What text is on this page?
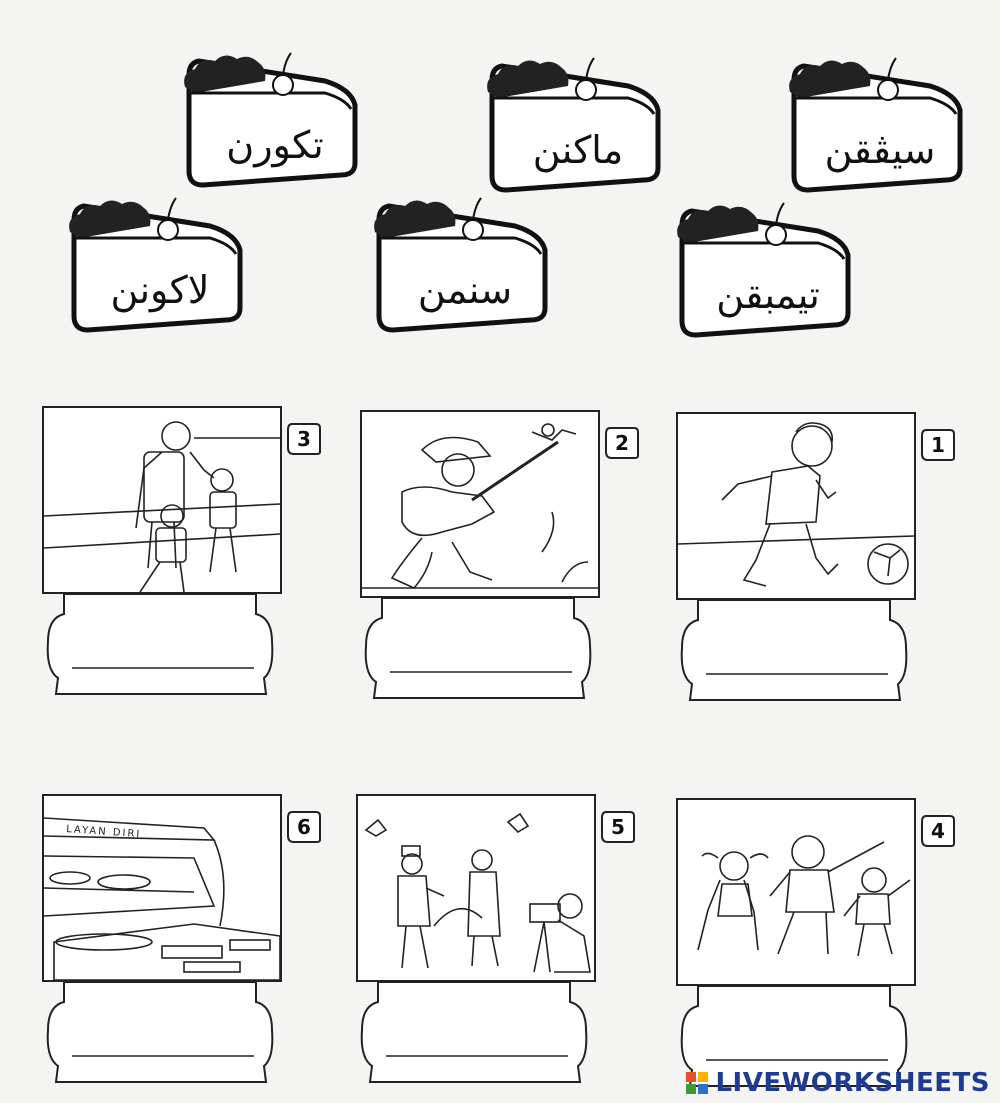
تكورن	ماكنن	سيڤقن
لاكونن	سنمن	تيمبقن
3	2	1
LAYAN DIRI	6	5	4
LIVEWORKSHEETS
